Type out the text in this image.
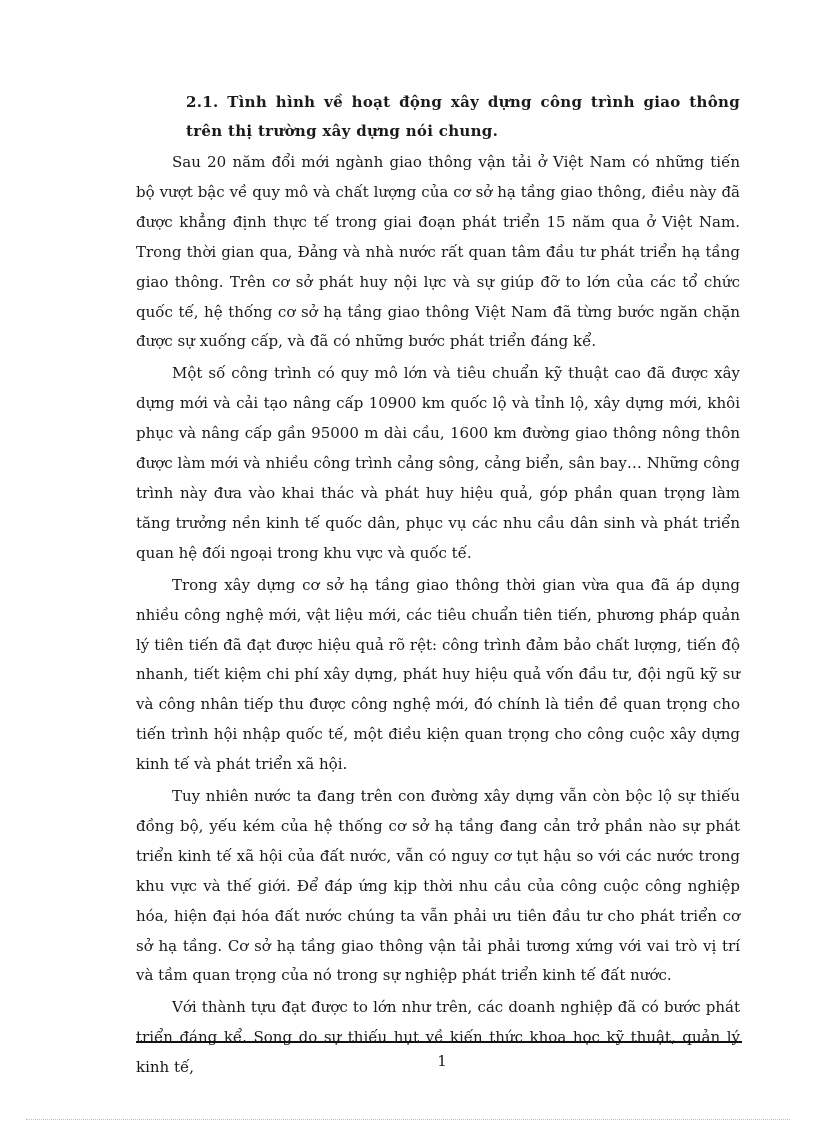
2.1. Tình hình về hoạt động xây dựng công trình giao thông trên thị trường xây dựng nói chung.

Sau 20 năm đổi mới ngành giao thông vận tải ở Việt Nam có những tiến bộ vượt bậc về quy mô và chất lượng của cơ sở hạ tầng giao thông, điều này đã được khẳng định thực tế trong giai đoạn phát triển 15 năm qua ở Việt Nam. Trong thời gian qua, Đảng và nhà nước rất quan tâm đầu tư phát triển hạ tầng giao thông. Trên cơ sở phát huy nội lực và sự giúp đỡ to lớn của các tổ chức quốc tế, hệ thống cơ sở hạ tầng giao thông Việt Nam đã từng bước ngăn chặn được sự xuống cấp, và đã có những bước phát triển đáng kể.

Một số công trình có quy mô lớn và tiêu chuẩn kỹ thuật cao đã được xây dựng mới và cải tạo nâng cấp 10900 km quốc lộ và tỉnh lộ, xây dựng mới, khôi phục và nâng cấp gần 95000 m dài cầu, 1600 km đường giao thông nông thôn được làm mới và nhiều công trình cảng sông, cảng biển, sân bay… Những công trình này đưa vào khai thác và phát huy hiệu quả, góp phần quan trọng làm tăng trưởng nền kinh tế quốc dân, phục vụ các nhu cầu dân sinh và phát triển quan hệ đối ngoại trong khu vực và quốc tế.

Trong xây dựng cơ sở hạ tầng giao thông thời gian vừa qua đã áp dụng nhiều công nghệ mới, vật liệu mới, các tiêu chuẩn tiên tiến, phương pháp quản lý tiên tiến đã đạt được hiệu quả rõ rệt: công trình đảm bảo chất lượng, tiến độ nhanh, tiết kiệm chi phí xây dựng, phát huy hiệu quả vốn đầu tư, đội ngũ kỹ sư và công nhân tiếp thu được công nghệ mới, đó chính là tiền đề quan trọng cho tiến trình hội nhập quốc tế, một điều kiện quan trọng cho công cuộc xây dựng kinh tế và phát triển xã hội.

Tuy nhiên nước ta đang trên con đường xây dựng vẫn còn bộc lộ sự thiếu đồng bộ, yếu kém của hệ thống cơ sở hạ tầng đang cản trở phần nào sự phát triển kinh tế xã hội của đất nước, vẫn có nguy cơ tụt hậu so với các nước trong khu vực và thế giới. Để đáp ứng kịp thời nhu cầu của công cuộc công nghiệp hóa, hiện đại hóa đất nước chúng ta vẫn phải ưu tiên đầu tư cho phát triển cơ sở hạ tầng. Cơ sở hạ tầng giao thông vận tải phải tương xứng với vai trò vị trí và tầm quan trọng của nó trong sự nghiệp phát triển kinh tế đất nước.

Với thành tựu đạt được to lớn như trên, các doanh nghiệp đã có bước phát triển đáng kể. Song do sự thiếu hụt về kiến thức khoa học kỹ thuật, quản lý kinh tế,	1
